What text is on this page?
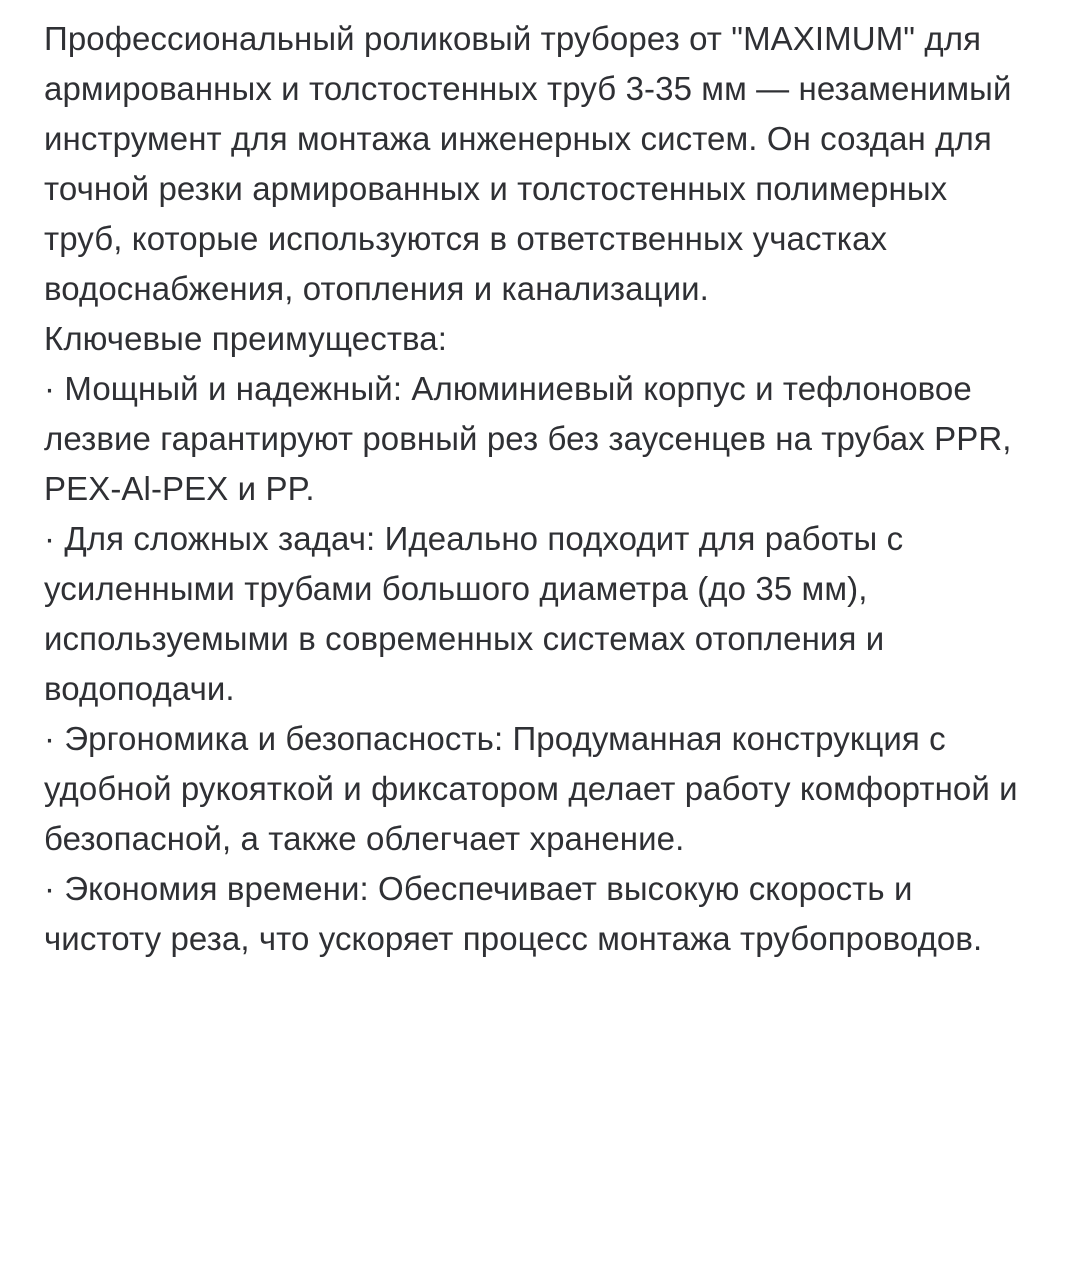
Профессиональный роликовый труборез от "MAXIMUM" для армированных и толстостенных труб 3-35 мм — незаменимый инструмент для монтажа инженерных систем. Он создан для точной резки армированных и толстостенных полимерных труб, которые используются в ответственных участках водоснабжения, отопления и канализации.

Ключевые преимущества:

· Мощный и надежный: Алюминиевый корпус и тефлоновое лезвие гарантируют ровный рез без заусенцев на трубах PPR, PEX-Al-PEX и PP.

· Для сложных задач: Идеально подходит для работы с усиленными трубами большого диаметра (до 35 мм), используемыми в современных системах отопления и водоподачи.

· Эргономика и безопасность: Продуманная конструкция с удобной рукояткой и фиксатором делает работу комфортной и безопасной, а также облегчает хранение.

· Экономия времени: Обеспечивает высокую скорость и чистоту реза, что ускоряет процесс монтажа трубопроводов.
